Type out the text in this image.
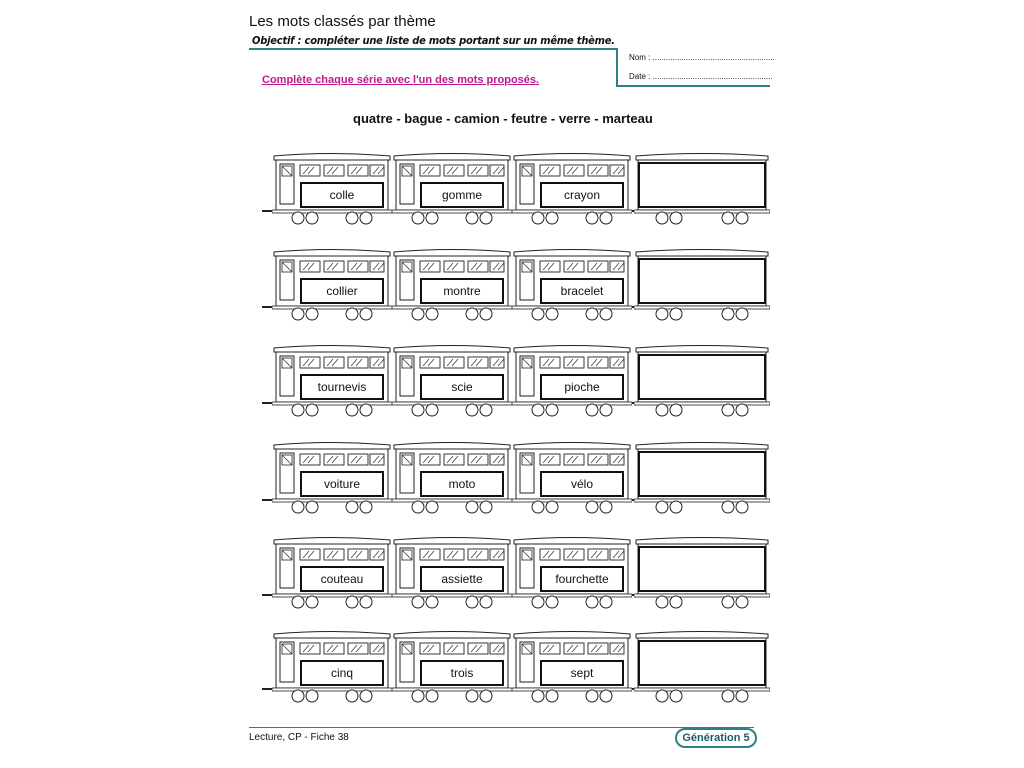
Les mots classés par thème
Objectif : compléter une liste de mots portant sur un même thème.
Nom : .......................................................
Date : ......................................................
Complète chaque série avec l'un des mots proposés.
quatre - bague - camion - feutre - verre - marteau
colle	gomme	crayon
collier	montre	bracelet
tournevis	scie	pioche
voiture	moto	vélo
couteau	assiette	fourchette
cinq	trois	sept
Lecture, CP - Fiche 38	Génération 5
